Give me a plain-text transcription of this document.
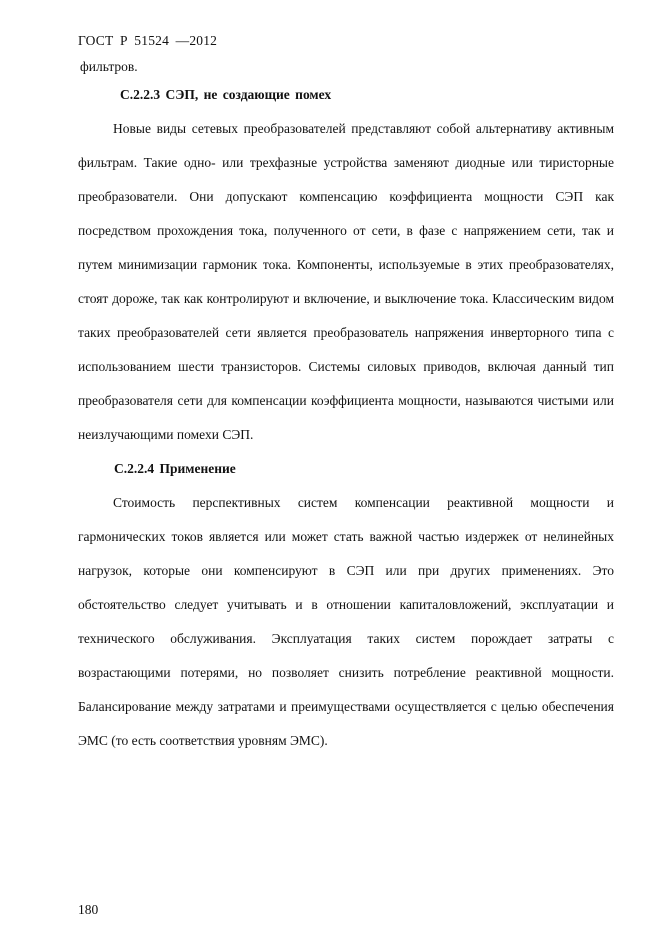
ГОСТ Р 51524 —2012

фильтров.

С.2.2.3 СЭП, не создающие помех

Новые виды сетевых преобразователей представляют собой альтернативу активным фильтрам. Такие одно- или трехфазные устройства заменяют диодные или тиристорные преобразователи. Они допускают компенсацию коэффициента мощности СЭП как посредством прохождения тока, полученного от сети, в фазе с напряжением сети, так и путем минимизации гармоник тока. Компоненты, используемые в этих преобразователях, стоят дороже, так как контролируют и включение, и выключение тока. Классическим видом таких преобразователей сети является преобразователь напряжения инверторного типа с использованием шести транзисторов. Системы силовых приводов, включая данный тип преобразователя сети для компенсации коэффициента мощности, называются чистыми или неизлучающими помехи СЭП.

С.2.2.4 Применение

Стоимость перспективных систем компенсации реактивной мощности и гармонических токов является или может стать важной частью издержек от нелинейных нагрузок, которые они компенсируют в СЭП или при других применениях. Это обстоятельство следует учитывать и в отношении капиталовложений, эксплуатации и технического обслуживания. Эксплуатация таких систем порождает затраты с возрастающими потерями, но позволяет снизить потребление реактивной мощности. Балансирование между затратами и преимуществами осуществляется с целью обеспечения ЭМС (то есть соответствия уровням ЭМС).

180
